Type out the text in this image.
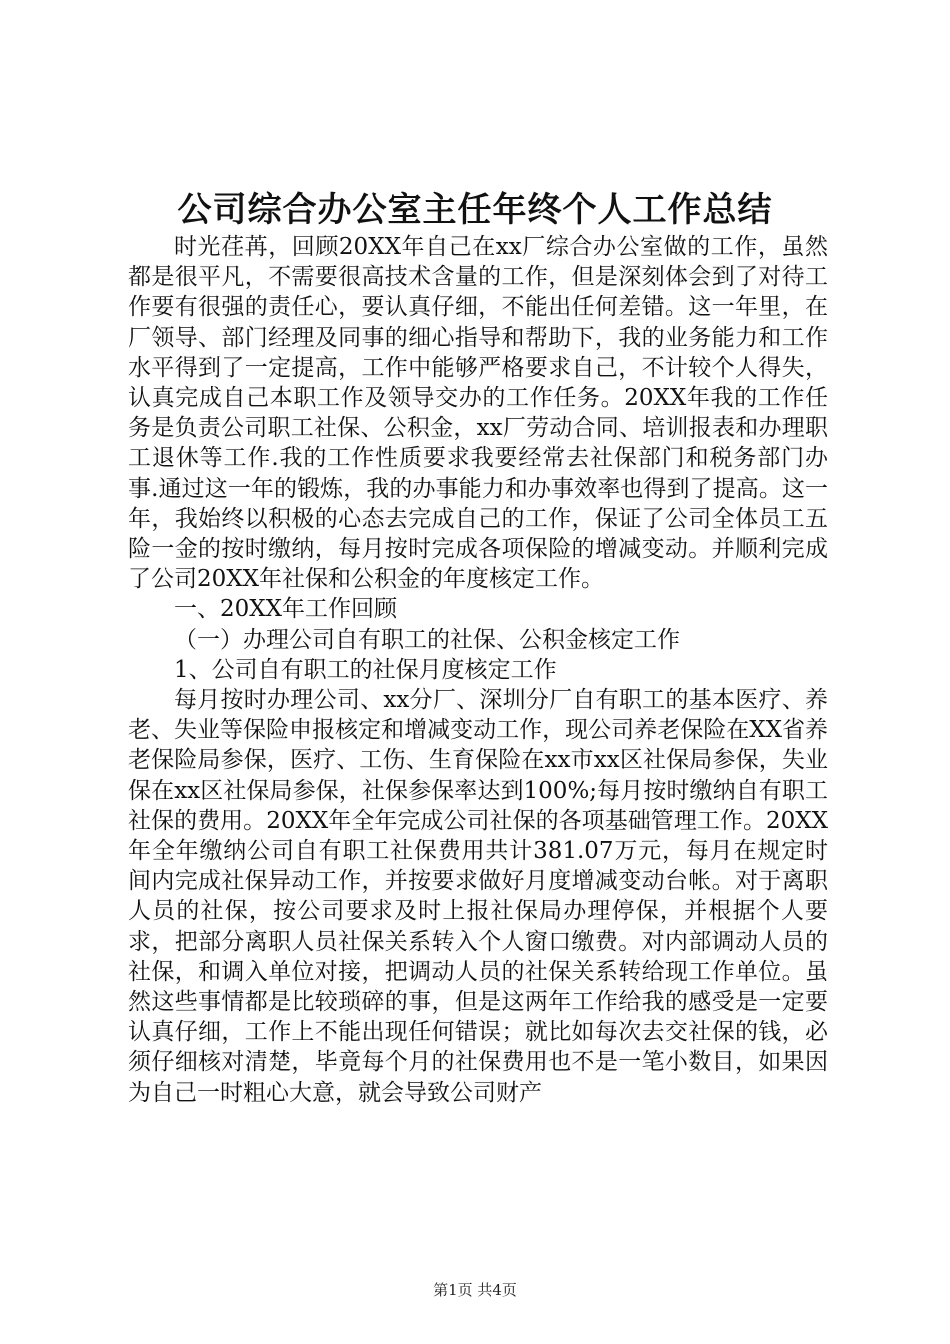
公司综合办公室主任年终个人工作总结

时光荏苒，回顾20XX年自己在xx厂综合办公室做的工作，虽然都是很平凡，不需要很高技术含量的工作，但是深刻体会到了对待工作要有很强的责任心，要认真仔细，不能出任何差错。这一年里，在厂领导、部门经理及同事的细心指导和帮助下，我的业务能力和工作水平得到了一定提高，工作中能够严格要求自己，不计较个人得失，认真完成自己本职工作及领导交办的工作任务。20XX年我的工作任务是负责公司职工社保、公积金，xx厂劳动合同、培训报表和办理职工退休等工作.我的工作性质要求我要经常去社保部门和税务部门办事.通过这一年的锻炼，我的办事能力和办事效率也得到了提高。这一年，我始终以积极的心态去完成自己的工作，保证了公司全体员工五险一金的按时缴纳，每月按时完成各项保险的增减变动。并顺利完成了公司20XX年社保和公积金的年度核定工作。

一、20XX年工作回顾

（一）办理公司自有职工的社保、公积金核定工作

1、公司自有职工的社保月度核定工作

每月按时办理公司、xx分厂、深圳分厂自有职工的基本医疗、养老、失业等保险申报核定和增减变动工作，现公司养老保险在XX省养老保险局参保，医疗、工伤、生育保险在xx市xx区社保局参保，失业保在xx区社保局参保，社保参保率达到100%;每月按时缴纳自有职工社保的费用。20XX年全年完成公司社保的各项基础管理工作。20XX年全年缴纳公司自有职工社保费用共计381.07万元，每月在规定时间内完成社保异动工作，并按要求做好月度增减变动台帐。对于离职人员的社保，按公司要求及时上报社保局办理停保，并根据个人要求，把部分离职人员社保关系转入个人窗口缴费。对内部调动人员的社保，和调入单位对接，把调动人员的社保关系转给现工作单位。虽然这些事情都是比较琐碎的事，但是这两年工作给我的感受是一定要认真仔细，工作上不能出现任何错误；就比如每次去交社保的钱，必须仔细核对清楚，毕竟每个月的社保费用也不是一笔小数目，如果因为自己一时粗心大意，就会导致公司财产

第1页 共4页
